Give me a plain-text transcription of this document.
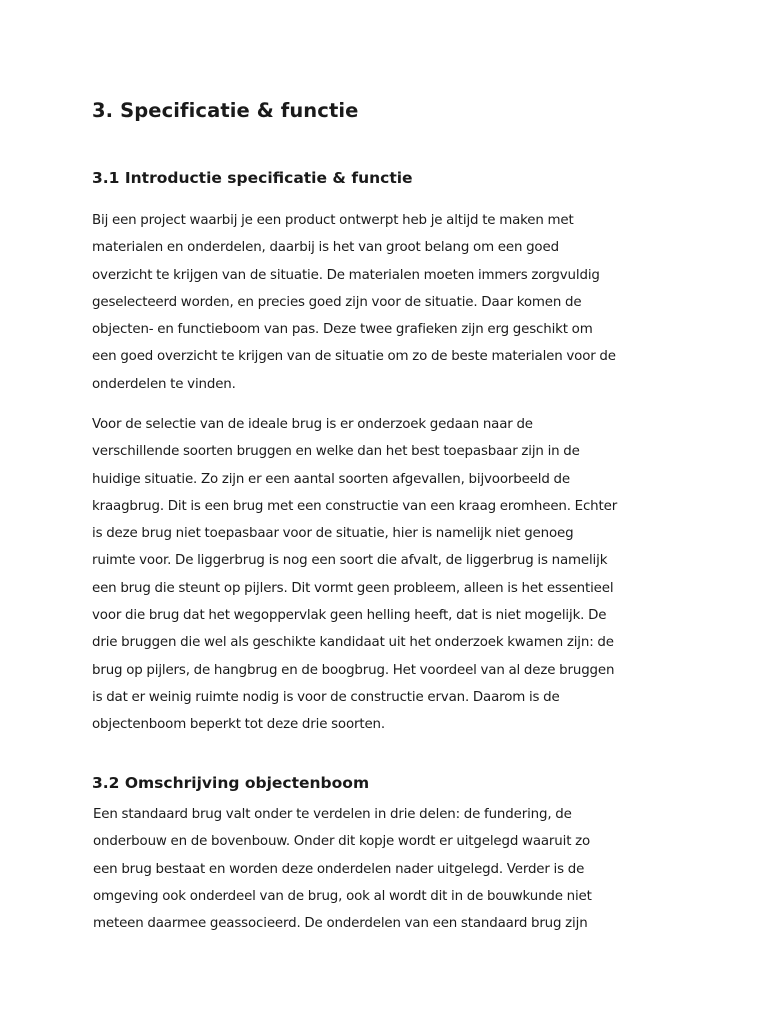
3. Specificatie & functie
3.1 Introductie specificatie & functie

Bij een project waarbij je een product ontwerpt heb je altijd te maken met
materialen en onderdelen, daarbij is het van groot belang om een goed
overzicht te krijgen van de situatie. De materialen moeten immers zorgvuldig
geselecteerd worden, en precies goed zijn voor de situatie. Daar komen de
objecten- en functieboom van pas. Deze twee grafieken zijn erg geschikt om
een goed overzicht te krijgen van de situatie om zo de beste materialen voor de
onderdelen te vinden.

Voor de selectie van de ideale brug is er onderzoek gedaan naar de
verschillende soorten bruggen en welke dan het best toepasbaar zijn in de
huidige situatie. Zo zijn er een aantal soorten afgevallen, bijvoorbeeld de
kraagbrug. Dit is een brug met een constructie van een kraag eromheen. Echter
is deze brug niet toepasbaar voor de situatie, hier is namelijk niet genoeg
ruimte voor. De liggerbrug is nog een soort die afvalt, de liggerbrug is namelijk
een brug die steunt op pijlers. Dit vormt geen probleem, alleen is het essentieel
voor die brug dat het wegoppervlak geen helling heeft, dat is niet mogelijk. De
drie bruggen die wel als geschikte kandidaat uit het onderzoek kwamen zijn: de
brug op pijlers, de hangbrug en de boogbrug. Het voordeel van al deze bruggen
is dat er weinig ruimte nodig is voor de constructie ervan. Daarom is de
objectenboom beperkt tot deze drie soorten.

3.2 Omschrijving objectenboom

Een standaard brug valt onder te verdelen in drie delen: de fundering, de
onderbouw en de bovenbouw. Onder dit kopje wordt er uitgelegd waaruit zo
een brug bestaat en worden deze onderdelen nader uitgelegd. Verder is de
omgeving ook onderdeel van de brug, ook al wordt dit in de bouwkunde niet
meteen daarmee geassocieerd. De onderdelen van een standaard brug zijn
